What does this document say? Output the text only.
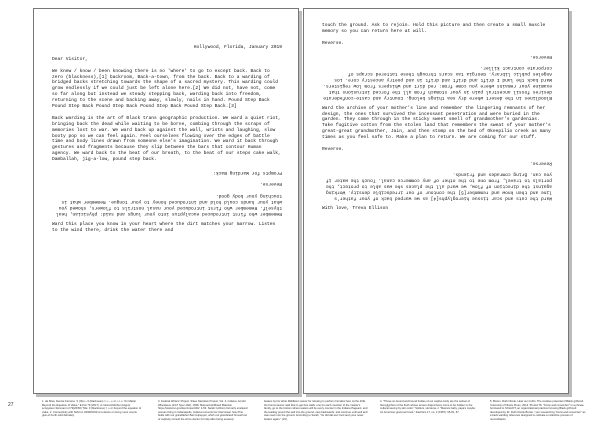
Hollywood, Florida, January 2019

Dear Visitor,

We knew / know / been knowing there is no 'where' to go to except back. Back to zero (blackness),[1] backroom, Back-a-town, from the back. Back to a warding of bridged backs stretching towards the shape of a sacred mystery. This warding could grow endlessly if we could just be left alone here.[2] We did not, have not, come so far along but instead we steady stepping back, warding back into freedom, returning to the scene and backing away, slowly, nails in hand. Pound Step Back Pound Step Back Pound Step Back Pound Step Back Pound Step Back.[3]

Back warding is the art of Black trans geographic production. We ward a quiet riot, bringing back the dead while waiting to be borne, combing through the scraps of memories lost to war. We ward back up against the wall, wrists and laughing, slow booty pop so we can feel again. Feel ourselves flowing over the edges of battle time and body lines drawn from someone else's imagination. We ward it back through gestures and fragments because they slip between the bars that contour Human agency. We ward back to the beat of our breath, to the beat of our steps cake walk, Damballah, jig-a-low, pound step back.

Remember who first introduced eucalyptus into your lungs and said: physician, heal thyself. Remember who first introduced your nasal nostrils to flowers, showed you what your hands could hold and introduced honey to your tongue. Remember what is touching your body good.

Reverse.

Prompts for Warding Back:

Ward this place you know in your heart where the dirt matches your marrow. Listen to the wind there, drink the water there and

touch the ground. Ask to rejoin. Hold this picture and then create a small muscle memory so you can return here at will.

Reverse.

Bloodlines in the desert where dry sea things belong. Country and caste-confederate desires fossil ancestral pain in your stomach from all the forced intrusions that examine your remains where you come from: red dirt and whispers from low registers. Ward back the land I drift and drift and drift in and poetry ancestry core. Los Angeles public library. Georgia tax scars through these tattered scraps of corporate contract killer.

Reverse.

Ward the archive of your mother's line and remember the lingering remnants of her design, the ones that survived the incessant penetration and were buried in the garden. They come through in the sticky sweet smell of grandmother's gardenias. Take fugitive cotton from the stolen land that remembers the sweat of your mother's great-great grandmother, Jain, and then stomp on the bed of Okeepilio creek as many times as you feel safe to. Make a plan to return. We are coming for our stuff.

Reverse.

Ward the cuts and scar tissue hieroglyphs[4] as we warped back of your father's line and then know and remember[5] the contour of our irreducible density. Working against the direction of flow, we ward all the places she was able to protect, the portals to travel, from one to the other of any commerce canal. Touch the water if you can. Bring comrades and friends.

Reverse.

With love, Treva Ellison

27
1. da Silva, Denise Ferreira. "1 (life) ÷ 0 (blackness) = ∞ - ∞ or ∞ / ∞: On Matter Beyond the Equation of Value." E-flux 79 (2017). A colored-Mother (Hippo) ecosystem Remnant of 79(26/66) Title: 0 (blackness) = ∞ or beyond the equation of value. 2. Connectivity with NLM on 03/08/2019 of a desire on living more counts give of Forth-mild definitely.
3. Federal Writers' Project. Slave Narrative Project, Vol. 4, Indiana, Arnold Wlacelieve (4/A7 Spur 4A0), 1938. Manuscript/Mixed Material. https://www.loc.gov/item/mesn040/. 4-53. Sarah Collins's formerly enslaved woman living in Indianapolis, Indiana recounts her interviewer how Pine fields with our grandfather Bat Culpepper, whoh out grandstand himself out of captivity consult the wh-le doctor for help after being severely
beaten by his white Middleton owner for refusing to perform his labor fast. At the drills the bond-manner said that to get free walls, one for each member of the master's family, go to the bottom where waters will be every counter in the Indiana Pageant, and the leading pound the well into the ground, step backwards, and continue until welt and was sown into the ground. According to Sarah, "he did dat wuz bunt and yous never beaten again." (23).
4. "These un-bound and bound bodies of our captive body are the subset of hieroglyphics of the flesh whose severe disjunctures come to be hidden to the cultural seeing by skin color." Spillers, Hortense J. "Mama's baby, papa's maybe: An American grammar book." diacritics 17, no. 2 (1987): 65-81, 67.
5. Brown, Ruth Nicole. Hear our truths: The creative potential of Black girlhood. University of Illinois Press, 2013. 65 and 78. "Know and remember" is a phrase borrowed to SOLHOT, an organizational practice focusing Black girlhood developed by Dr. Ruth Nicole Brown. I am researching "know and remember" as a back warding reference designed to cultivate a collective process of reconciliation.
